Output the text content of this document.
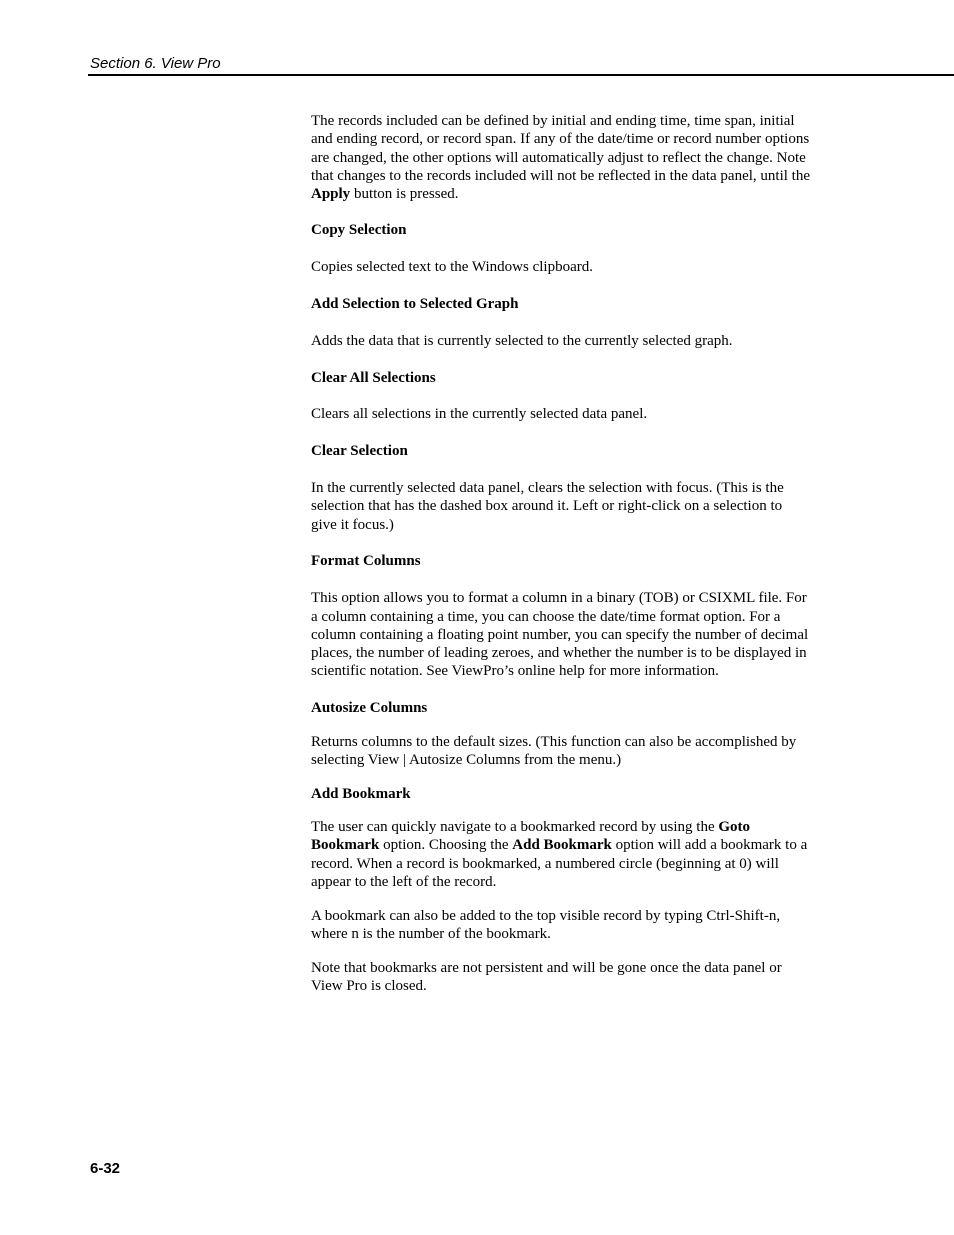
Section 6. View Pro

The records included can be defined by initial and ending time, time span, initial and ending record, or record span. If any of the date/time or record number options are changed, the other options will automatically adjust to reflect the change. Note that changes to the records included will not be reflected in the data panel, until the Apply button is pressed.

Copy Selection

Copies selected text to the Windows clipboard.

Add Selection to Selected Graph

Adds the data that is currently selected to the currently selected graph.

Clear All Selections

Clears all selections in the currently selected data panel.

Clear Selection

In the currently selected data panel, clears the selection with focus. (This is the selection that has the dashed box around it. Left or right-click on a selection to give it focus.)

Format Columns

This option allows you to format a column in a binary (TOB) or CSIXML file. For a column containing a time, you can choose the date/time format option. For a column containing a floating point number, you can specify the number of decimal places, the number of leading zeroes, and whether the number is to be displayed in scientific notation. See ViewPro’s online help for more information.

Autosize Columns

Returns columns to the default sizes. (This function can also be accomplished by selecting View | Autosize Columns from the menu.)

Add Bookmark

The user can quickly navigate to a bookmarked record by using the Goto Bookmark option. Choosing the Add Bookmark option will add a bookmark to a record. When a record is bookmarked, a numbered circle (beginning at 0) will appear to the left of the record.

A bookmark can also be added to the top visible record by typing Ctrl-Shift-n, where n is the number of the bookmark.

Note that bookmarks are not persistent and will be gone once the data panel or View Pro is closed.

6-32
